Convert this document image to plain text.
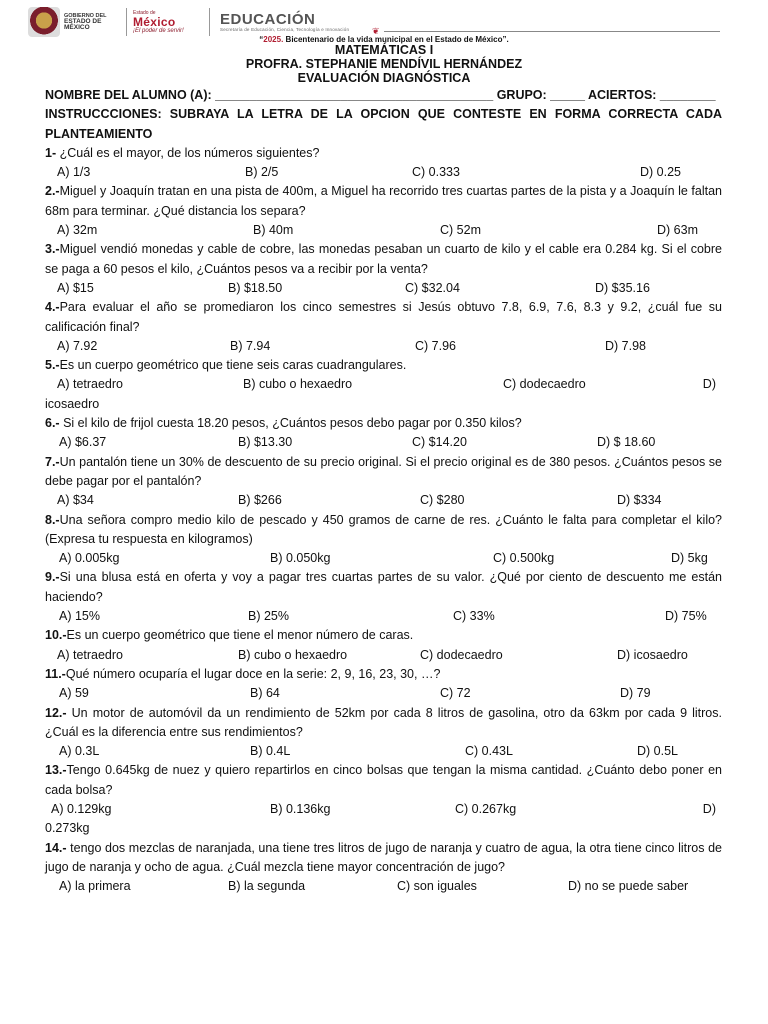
GOBIERNO DEL
ESTADO DE
MÉXICO
Estado de
México
¡El poder de servir!
EDUCACIÓN
Secretaría de Educación, Ciencia, Tecnología e Innovación	❦
“2025. Bicentenario de la vida municipal en el Estado de México”.
MATEMÁTICAS I
PROFRA. STEPHANIE MENDÍVIL HERNÁNDEZ
EVALUACIÓN DIAGNÓSTICA
NOMBRE DEL ALUMNO (A): ________________________________________ GRUPO: _____ ACIERTOS: ________
INSTRUCCCIONES: SUBRAYA LA LETRA DE LA OPCION QUE CONTESTE EN FORMA CORRECTA CADA PLANTEAMIENTO
1- ¿Cuál es el mayor, de los números siguientes?
A) 1/3	B) 2/5	C) 0.333	D) 0.25
2.-Miguel y Joaquín tratan en una pista de 400m, a Miguel ha recorrido tres cuartas partes de la pista y a Joaquín le faltan 68m para terminar. ¿Qué distancia los separa?
A) 32m	B) 40m	C) 52m	D) 63m
3.-Miguel vendió monedas y cable de cobre, las monedas pesaban un cuarto de kilo y el cable era 0.284 kg. Si el cobre se paga a 60 pesos el kilo, ¿Cuántos pesos va a recibir por la venta?
A) $15	B) $18.50	C) $32.04	D) $35.16
4.-Para evaluar el año se promediaron los cinco semestres si Jesús obtuvo 7.8, 6.9, 7.6, 8.3 y 9.2, ¿cuál fue su calificación final?
A) 7.92	B) 7.94	C) 7.96	D) 7.98
5.-Es un cuerpo geométrico que tiene seis caras cuadrangulares.
A) tetraedro	B) cubo o hexaedro	C) dodecaedro	D)
icosaedro
6.- Si el kilo de frijol cuesta 18.20 pesos, ¿Cuántos pesos debo pagar por 0.350 kilos?
A) $6.37	B) $13.30	C) $14.20	D) $ 18.60
7.-Un pantalón tiene un 30% de descuento de su precio original. Si el precio original es de 380 pesos. ¿Cuántos pesos se debe pagar por el pantalón?
A) $34	B) $266	C) $280	D) $334
8.-Una señora compro medio kilo de pescado y 450 gramos de carne de res. ¿Cuánto le falta para completar el kilo? (Expresa tu respuesta en kilogramos)
A) 0.005kg	B) 0.050kg	C) 0.500kg	D) 5kg
9.-Si una blusa está en oferta y voy a pagar tres cuartas partes de su valor. ¿Qué por ciento de descuento me están haciendo?
A) 15%	B) 25%	C) 33%	D) 75%
10.-Es un cuerpo geométrico que tiene el menor número de caras.
A) tetraedro	B) cubo o hexaedro	C) dodecaedro	D) icosaedro
11.-Qué número ocuparía el lugar doce en la serie: 2, 9, 16, 23, 30, …?
A) 59	B) 64	C) 72	D) 79
12.- Un motor de automóvil da un rendimiento de 52km por cada 8 litros de gasolina, otro da 63km por cada 9 litros. ¿Cuál es la diferencia entre sus rendimientos?
A) 0.3L	B) 0.4L	C) 0.43L	D) 0.5L
13.-Tengo 0.645kg de nuez y quiero repartirlos en cinco bolsas que tengan la misma cantidad. ¿Cuánto debo poner en cada bolsa?
A) 0.129kg	B) 0.136kg	C) 0.267kg	D)
0.273kg
14.- tengo dos mezclas de naranjada, una tiene tres litros de jugo de naranja y cuatro de agua, la otra tiene cinco litros de jugo de naranja y ocho de agua. ¿Cuál mezcla tiene mayor concentración de jugo?
A) la primera	B) la segunda	C) son iguales	D) no se puede saber
